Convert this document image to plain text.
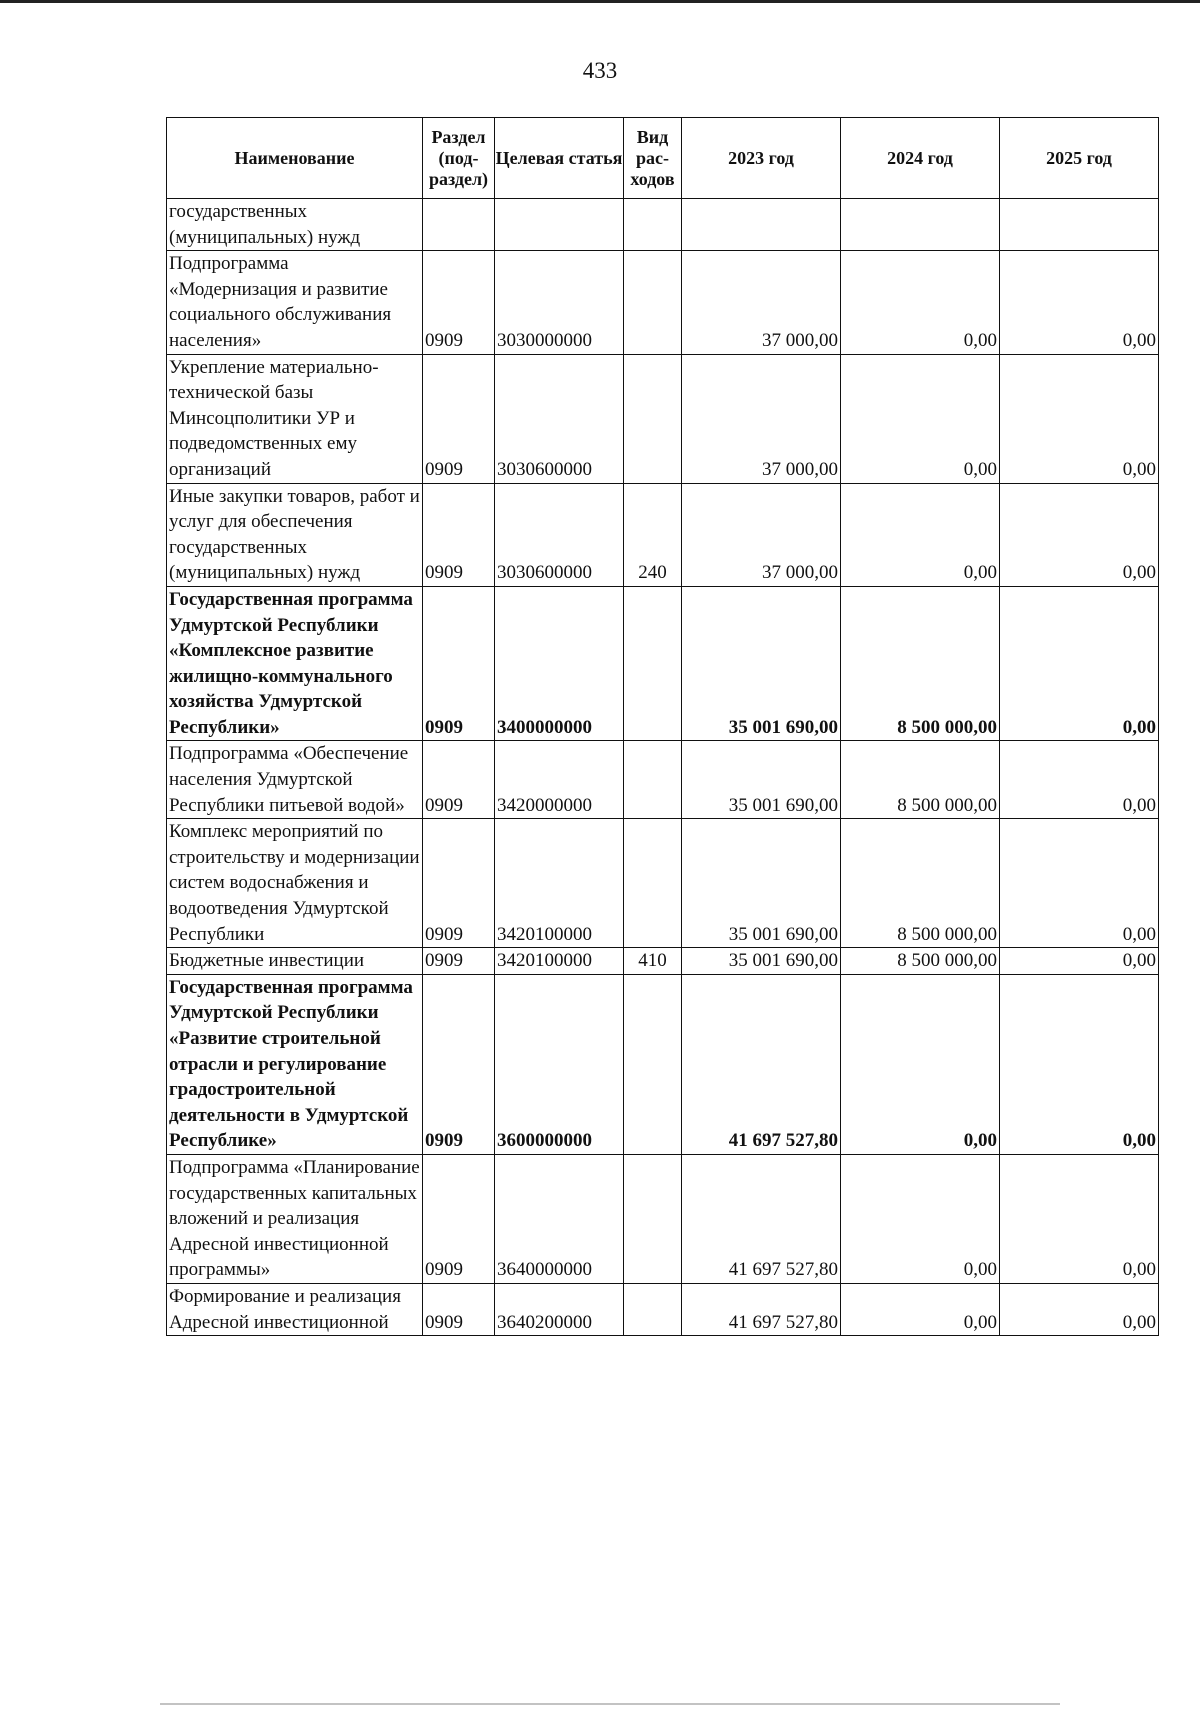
433
Наименование	Раздел (под-раздел)	Целевая статья	Вид рас-ходов	2023 год	2024 год	2025 год
государственных (муниципальных) нужд						
Подпрограмма «Модернизация и развитие социального обслуживания населения»	0909	3030000000		37 000,00	0,00	0,00
Укрепление материально-технической базы Минсоцполитики УР и подведомственных ему организаций	0909	3030600000		37 000,00	0,00	0,00
Иные закупки товаров, работ и услуг для обеспечения государственных (муниципальных) нужд	0909	3030600000	240	37 000,00	0,00	0,00
Государственная программа Удмуртской Республики «Комплексное развитие жилищно-коммунального хозяйства Удмуртской Республики»	0909	3400000000		35 001 690,00	8 500 000,00	0,00
Подпрограмма «Обеспечение населения Удмуртской Республики питьевой водой»	0909	3420000000		35 001 690,00	8 500 000,00	0,00
Комплекс мероприятий по строительству и модернизации систем водоснабжения и водоотведения Удмуртской Республики	0909	3420100000		35 001 690,00	8 500 000,00	0,00
Бюджетные инвестиции	0909	3420100000	410	35 001 690,00	8 500 000,00	0,00
Государственная программа Удмуртской Республики «Развитие строительной отрасли и регулирование градостроительной деятельности в Удмуртской Республике»	0909	3600000000		41 697 527,80	0,00	0,00
Подпрограмма «Планирование государственных капитальных вложений и реализация Адресной инвестиционной программы»	0909	3640000000		41 697 527,80	0,00	0,00
Формирование и реализация Адресной инвестиционной	0909	3640200000		41 697 527,80	0,00	0,00
